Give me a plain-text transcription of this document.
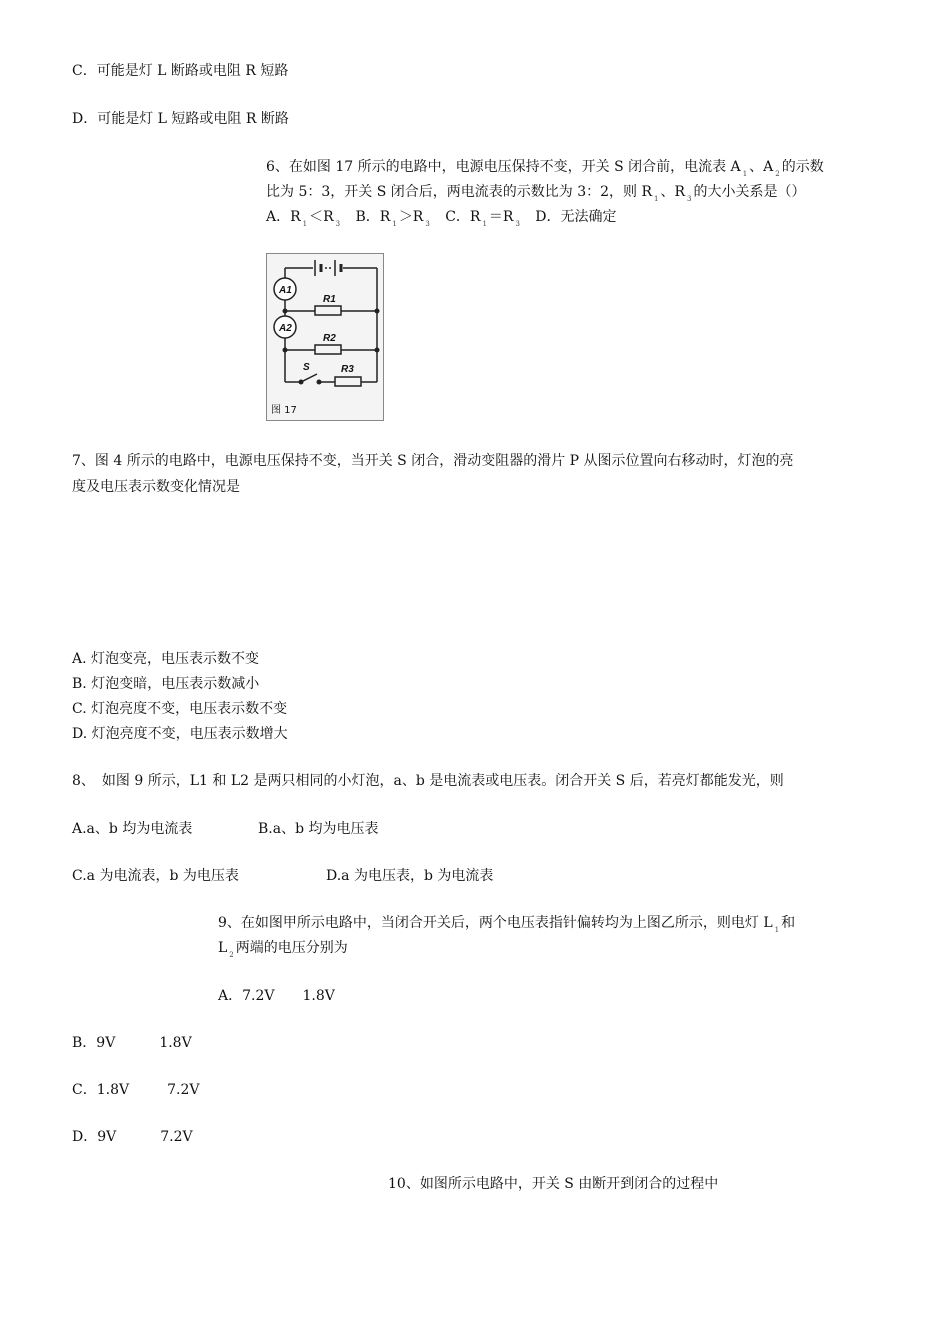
C．可能是灯 L 断路或电阻 R 短路
D．可能是灯 L 短路或电阻 R 断路
6、在如图 17 所示的电路中，电源电压保持不变，开关 S 闭合前，电流表 A $_1$ 、A $_2$ 的示数
比为 5：3，开关 S 闭合后，两电流表的示数比为 3：2，则 R $_1$ 、R $_3$ 的大小关系是（）
A．R $_1$ ＜R $_3$ B．R $_1$ ＞R $_3$ C．R $_1$ ＝R $_3$ D．无法确定
A1
A2
R1
R2
R3
S
图 17
7、图 4 所示的电路中，电源电压保持不变，当开关 S 闭合，滑动变阻器的滑片 P 从图示位置向右移动时，灯泡的亮
度及电压表示数变化情况是
A. 灯泡变亮，电压表示数不变
B. 灯泡变暗，电压表示数减小
C. 灯泡亮度不变，电压表示数不变
D. 灯泡亮度不变，电压表示数增大
8、　如图 9 所示，L1 和 L2 是两只相同的小灯泡，a、b 是电流表或电压表。闭合开关 S 后，若亮灯都能发光，则
A.a、b 均为电流表	B.a、b 均为电压表
C.a 为电流表，b 为电压表	D.a 为电压表，b 为电流表
9、在如图甲所示电路中，当闭合开关后，两个电压表指针偏转均为上图乙所示，则电灯 L $_1$ 和
L $_2$ 两端的电压分别为
A．7.2V 1.8V
B．9V	1.8V
C．1.8V	7.2V
D．9V	7.2V
10、如图所示电路中，开关 S 由断开到闭合的过程中
